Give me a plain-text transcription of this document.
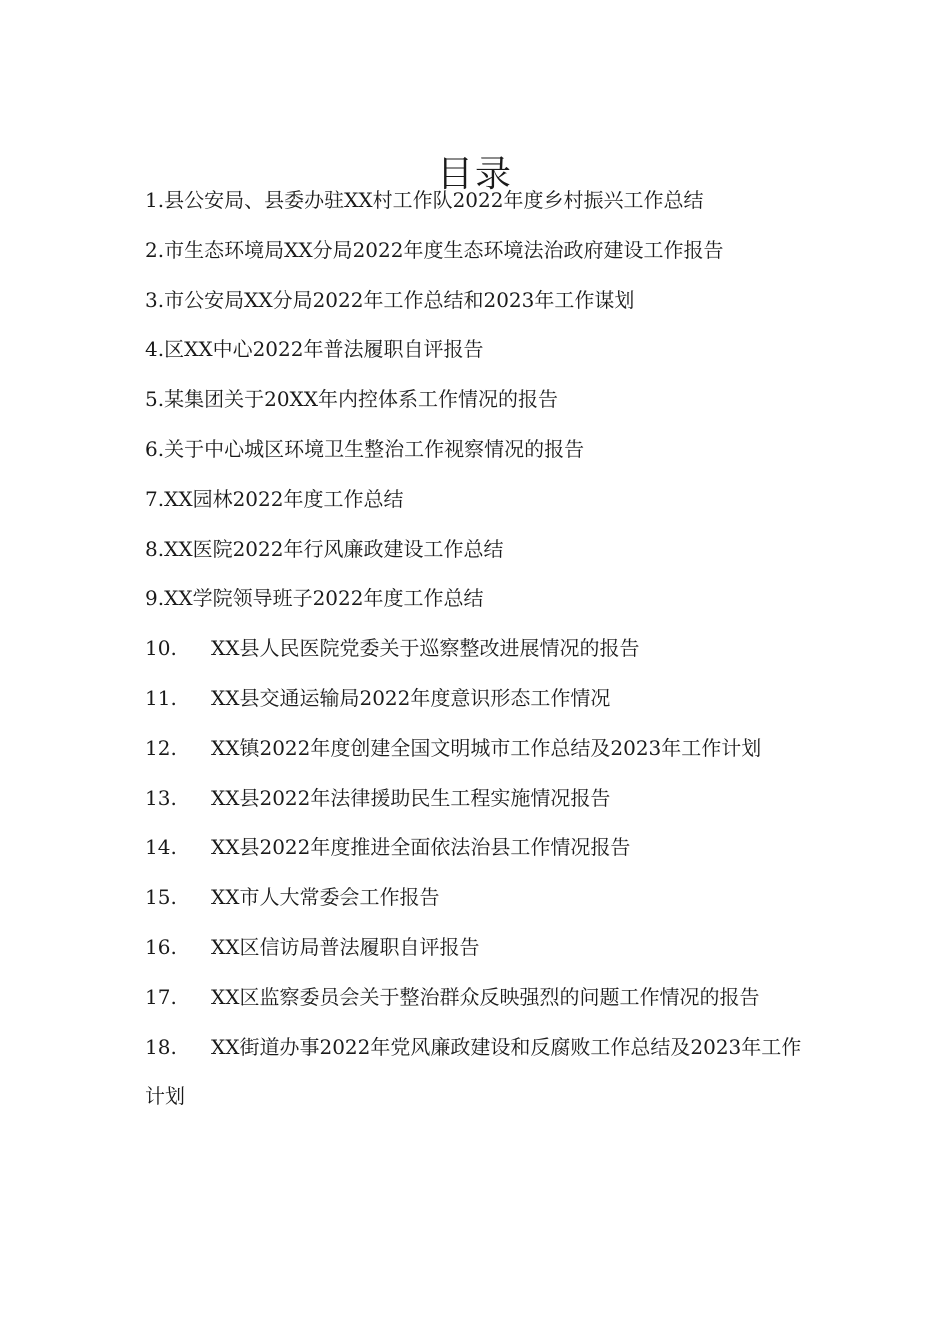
目录
1.县公安局、县委办驻XX村工作队2022年度乡村振兴工作总结
2.市生态环境局XX分局2022年度生态环境法治政府建设工作报告
3.市公安局XX分局2022年工作总结和2023年工作谋划
4.区XX中心2022年普法履职自评报告
5.某集团关于20XX年内控体系工作情况的报告
6.关于中心城区环境卫生整治工作视察情况的报告
7.XX园林2022年度工作总结
8.XX医院2022年行风廉政建设工作总结
9.XX学院领导班子2022年度工作总结
10. XX县人民医院党委关于巡察整改进展情况的报告
11. XX县交通运输局2022年度意识形态工作情况
12. XX镇2022年度创建全国文明城市工作总结及2023年工作计划
13. XX县2022年法律援助民生工程实施情况报告
14. XX县2022年度推进全面依法治县工作情况报告
15. XX市人大常委会工作报告
16. XX区信访局普法履职自评报告
17. XX区监察委员会关于整治群众反映强烈的问题工作情况的报告
18. XX街道办事2022年党风廉政建设和反腐败工作总结及2023年工作计划
